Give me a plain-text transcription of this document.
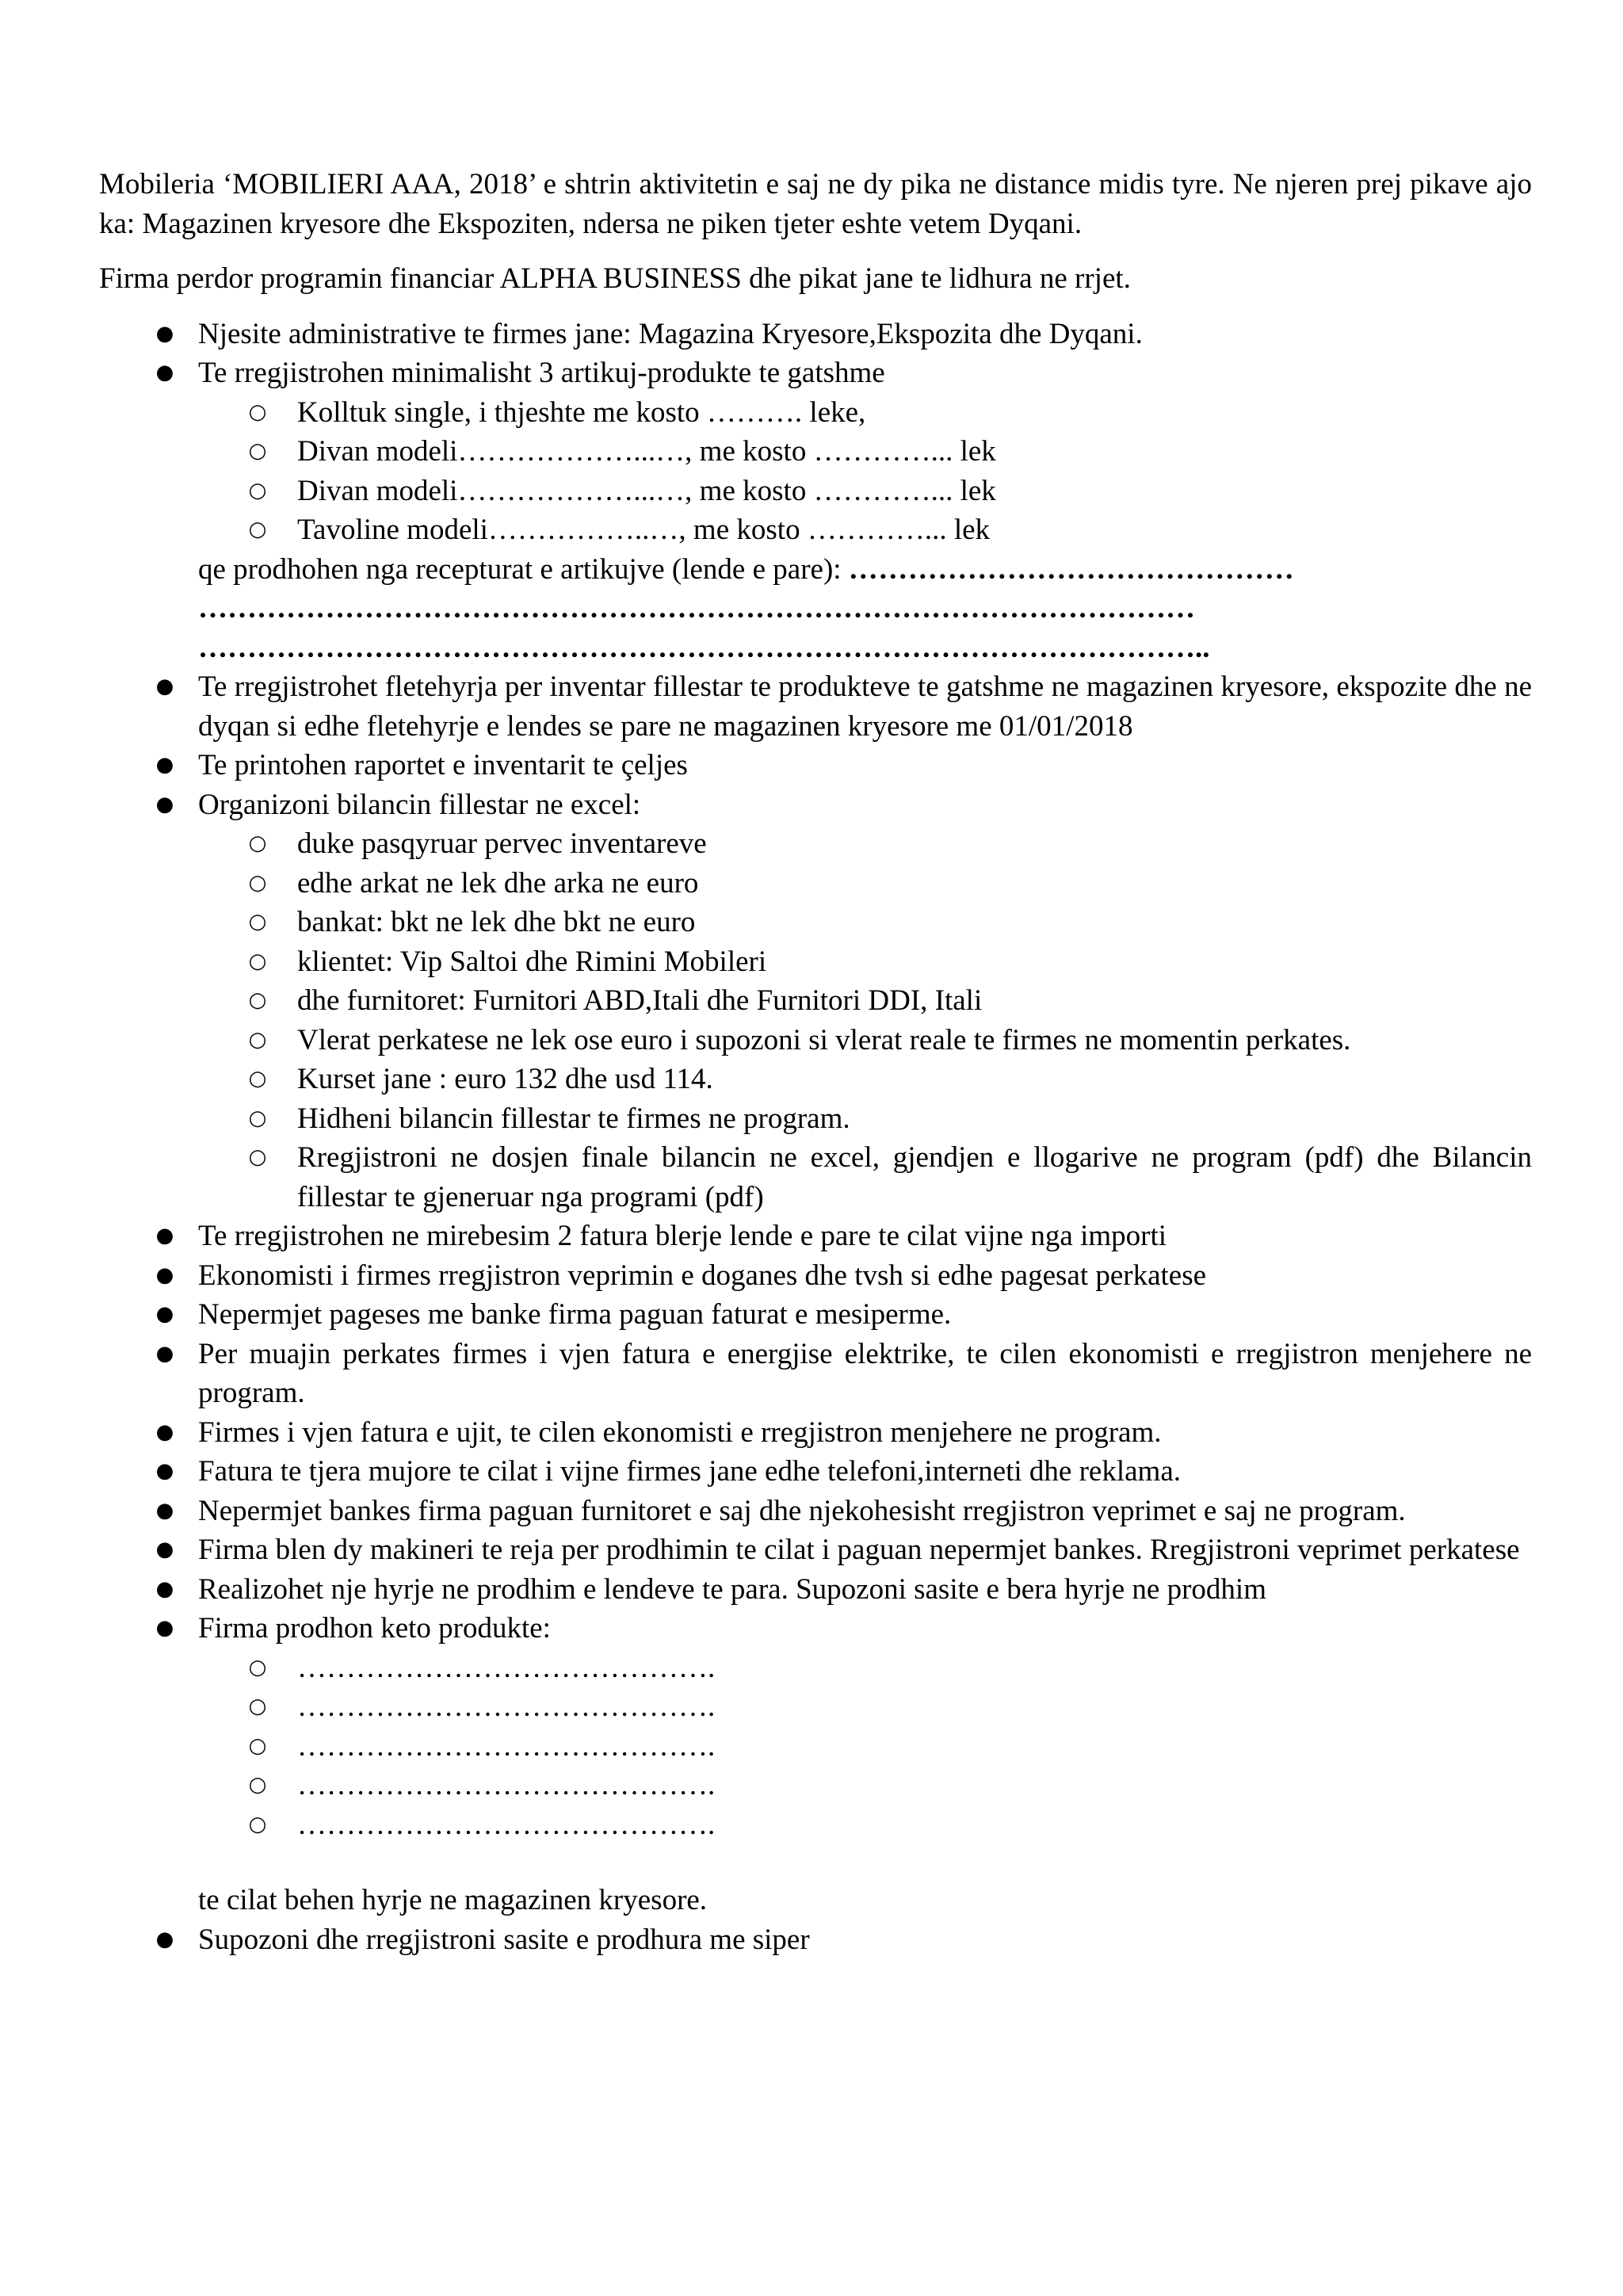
Mobileria ‘MOBILIERI AAA, 2018’ e shtrin aktivitetin e saj ne dy pika ne distance midis tyre. Ne njeren prej pikave ajo ka: Magazinen kryesore dhe Ekspoziten, ndersa ne piken tjeter eshte vetem Dyqani.

Firma perdor programin financiar ALPHA BUSINESS dhe pikat jane te lidhura ne rrjet.

● Njesite administrative te firmes jane: Magazina Kryesore,Ekspozita dhe Dyqani.
● Te rregjistrohen minimalisht 3 artikuj-produkte te gatshme
○ Kolltuk single, i thjeshte me kosto ………. leke,
○ Divan modeli………………...…, me kosto …………... lek
○ Divan modeli………………...…, me kosto …………... lek
○ Tavoline modeli……………..…, me kosto …………... lek
qe prodhohen nga recepturat e artikujve (lende e pare): ………………………………………
…………………………………………………………………………………………
…………………………………………………………………………………………..
● Te rregjistrohet fletehyrja per inventar fillestar te produkteve te gatshme ne magazinen kryesore, ekspozite dhe ne dyqan si edhe fletehyrje e lendes se pare ne magazinen kryesore me 01/01/2018
● Te printohen raportet e inventarit te çeljes
● Organizoni bilancin fillestar ne excel:
○ duke pasqyruar pervec inventareve
○ edhe arkat ne lek dhe arka ne euro
○ bankat: bkt ne lek dhe bkt ne euro
○ klientet: Vip Saltoi dhe Rimini Mobileri
○ dhe furnitoret: Furnitori ABD,Itali dhe Furnitori DDI, Itali
○ Vlerat perkatese ne lek ose euro i supozoni si vlerat reale te firmes ne momentin perkates.
○ Kurset jane : euro 132 dhe usd 114.
○ Hidheni bilancin fillestar te firmes ne program.
○ Rregjistroni ne dosjen finale bilancin ne excel, gjendjen e llogarive ne program (pdf) dhe Bilancin fillestar te gjeneruar nga programi (pdf)
● Te rregjistrohen ne mirebesim 2 fatura blerje lende e pare te cilat vijne nga importi
● Ekonomisti i firmes rregjistron veprimin e doganes dhe tvsh si edhe pagesat perkatese
● Nepermjet pageses me banke firma paguan faturat e mesiperme.
● Per muajin perkates firmes i vjen fatura e energjise elektrike, te cilen ekonomisti e rregjistron menjehere ne program.
● Firmes i vjen fatura e ujit, te cilen ekonomisti e rregjistron menjehere ne program.
● Fatura te tjera mujore te cilat i vijne firmes jane edhe telefoni,interneti dhe reklama.
● Nepermjet bankes firma paguan furnitoret e saj dhe njekohesisht rregjistron veprimet e saj ne program.
● Firma blen dy makineri te reja per prodhimin te cilat i paguan nepermjet bankes. Rregjistroni veprimet perkatese
● Realizohet nje hyrje ne prodhim e lendeve te para. Supozoni sasite e bera hyrje ne prodhim
● Firma prodhon keto produkte:
○ …………………………………….
○ …………………………………….
○ …………………………………….
○ …………………………………….
○ …………………………………….
te cilat behen hyrje ne magazinen kryesore.
● Supozoni dhe rregjistroni sasite e prodhura me siper
